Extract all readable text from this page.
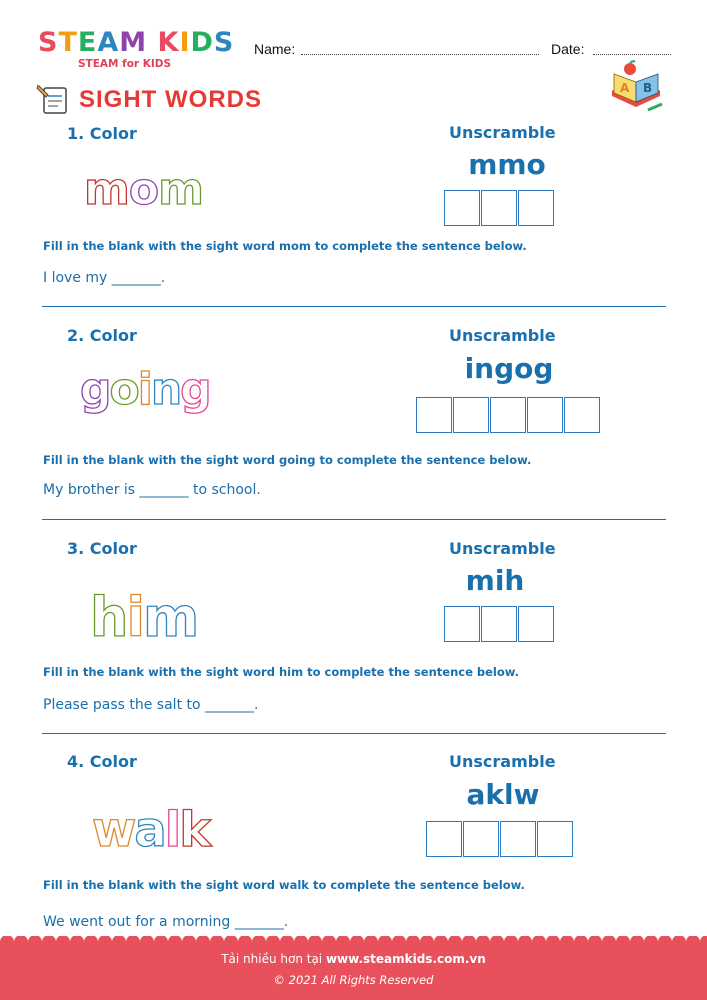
STEAM KIDS
STEAM for KIDS
Name:	Date:
SIGHT WORDS	A B
1. Color
mom
Unscramble
mmo
Fill in the blank with the sight word mom to complete the sentence below.
I love my _______.
2. Color
going
Unscramble
ingog
Fill in the blank with the sight word going to complete the sentence below.
My brother is _______ to school.
3. Color
him
Unscramble
mih
Fill in the blank with the sight word him to complete the sentence below.
Please pass the salt to _______.
4. Color
walk
Unscramble
aklw
Fill in the blank with the sight word walk to complete the sentence below.
We went out for a morning _______.
Tải nhiều hơn tại www.steamkids.com.vn
© 2021 All Rights Reserved
